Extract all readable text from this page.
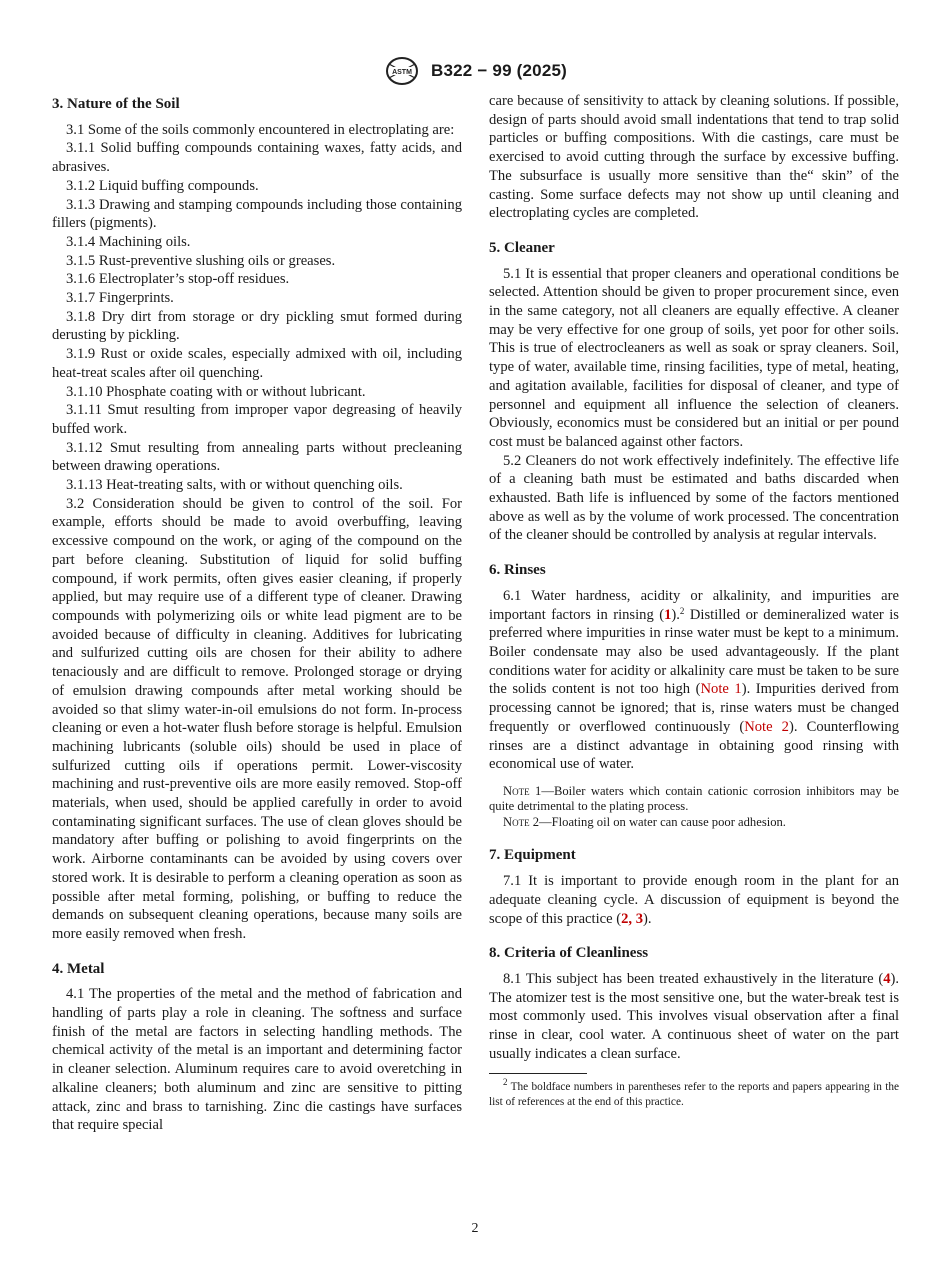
ASTM B322 − 99 (2025)

3. Nature of the Soil

3.1 Some of the soils commonly encountered in electroplating are:

3.1.1 Solid buffing compounds containing waxes, fatty acids, and abrasives.

3.1.2 Liquid buffing compounds.

3.1.3 Drawing and stamping compounds including those containing fillers (pigments).

3.1.4 Machining oils.

3.1.5 Rust-preventive slushing oils or greases.

3.1.6 Electroplater’s stop-off residues.

3.1.7 Fingerprints.

3.1.8 Dry dirt from storage or dry pickling smut formed during derusting by pickling.

3.1.9 Rust or oxide scales, especially admixed with oil, including heat-treat scales after oil quenching.

3.1.10 Phosphate coating with or without lubricant.

3.1.11 Smut resulting from improper vapor degreasing of heavily buffed work.

3.1.12 Smut resulting from annealing parts without precleaning between drawing operations.

3.1.13 Heat-treating salts, with or without quenching oils.

3.2 Consideration should be given to control of the soil. For example, efforts should be made to avoid overbuffing, leaving excessive compound on the work, or aging of the compound on the part before cleaning. Substitution of liquid for solid buffing compound, if work permits, often gives easier cleaning, if properly applied, but may require use of a different type of cleaner. Drawing compounds with polymerizing oils or white lead pigment are to be avoided because of difficulty in cleaning. Additives for lubricating and sulfurized cutting oils are chosen for their ability to adhere tenaciously and are difficult to remove. Prolonged storage or drying of emulsion drawing compounds after metal working should be avoided so that slimy water-in-oil emulsions do not form. In-process cleaning or even a hot-water flush before storage is helpful. Emulsion machining lubricants (soluble oils) should be used in place of sulfurized cutting oils if operations permit. Lower-viscosity machining and rust-preventive oils are more easily removed. Stop-off materials, when used, should be applied carefully in order to avoid contaminating significant surfaces. The use of clean gloves should be mandatory after buffing or polishing to avoid fingerprints on the work. Airborne contaminants can be avoided by using covers over stored work. It is desirable to perform a cleaning operation as soon as possible after metal forming, polishing, or buffing to reduce the demands on subsequent cleaning operations, because many soils are more easily removed when fresh.

4. Metal

4.1 The properties of the metal and the method of fabrication and handling of parts play a role in cleaning. The softness and surface finish of the metal are factors in selecting handling methods. The chemical activity of the metal is an important and determining factor in cleaner selection. Aluminum requires care to avoid overetching in alkaline cleaners; both aluminum and zinc are sensitive to pitting attack, zinc and brass to tarnishing. Zinc die castings have surfaces that require special

care because of sensitivity to attack by cleaning solutions. If possible, design of parts should avoid small indentations that tend to trap solid particles or buffing compositions. With die castings, care must be exercised to avoid cutting through the surface by excessive buffing. The subsurface is usually more sensitive than the“ skin” of the casting. Some surface defects may not show up until cleaning and electroplating cycles are completed.

5. Cleaner

5.1 It is essential that proper cleaners and operational conditions be selected. Attention should be given to proper procurement since, even in the same category, not all cleaners are equally effective. A cleaner may be very effective for one group of soils, yet poor for other soils. This is true of electrocleaners as well as soak or spray cleaners. Soil, type of water, available time, rinsing facilities, type of metal, heating, and agitation available, facilities for disposal of cleaner, and type of personnel and equipment all influence the selection of cleaners. Obviously, economics must be considered but an initial or per pound cost must be balanced against other factors.

5.2 Cleaners do not work effectively indefinitely. The effective life of a cleaning bath must be estimated and baths discarded when exhausted. Bath life is influenced by some of the factors mentioned above as well as by the volume of work processed. The concentration of the cleaner should be controlled by analysis at regular intervals.

6. Rinses

6.1 Water hardness, acidity or alkalinity, and impurities are important factors in rinsing (1).$^2$ Distilled or demineralized water is preferred where impurities in rinse water must be kept to a minimum. Boiler condensate may also be used advantageously. If the plant conditions water for acidity or alkalinity care must be taken to be sure the solids content is not too high (Note 1). Impurities derived from processing cannot be ignored; that is, rinse waters must be changed frequently or overflowed continuously (Note 2). Counterflowing rinses are a distinct advantage in obtaining good rinsing with economical use of water.

Note 1—Boiler waters which contain cationic corrosion inhibitors may be quite detrimental to the plating process.

Note 2—Floating oil on water can cause poor adhesion.

7. Equipment

7.1 It is important to provide enough room in the plant for an adequate cleaning cycle. A discussion of equipment is beyond the scope of this practice (2, 3).

8. Criteria of Cleanliness

8.1 This subject has been treated exhaustively in the literature (4). The atomizer test is the most sensitive one, but the water-break test is most commonly used. This involves visual observation after a final rinse in clear, cool water. A continuous sheet of water on the part usually indicates a clean surface.

$^2$ The boldface numbers in parentheses refer to the reports and papers appearing in the list of references at the end of this practice.

2
